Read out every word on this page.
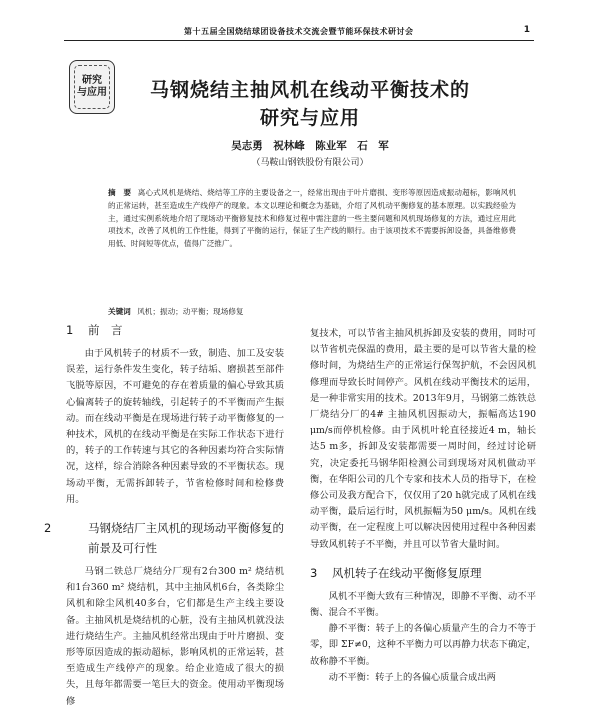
第十五届全国烧结球团设备技术交流会暨节能环保技术研讨会	1
研究
与应用	马钢烧结主抽风机在线动平衡技术的
研究与应用
吴志勇　祝林峰　陈业军　石　军
（马鞍山钢铁股份有限公司）
摘　要 离心式风机是烧结、烧结等工序的主要设备之一，经常出现由于叶片磨损、变形等原因造成振动超标，影响风机的正常运转，甚至造成生产线停产的现象。本文以理论和概念为基础，介绍了风机动平衡修复的基本原理。以实践经验为主，通过实例系统地介绍了现场动平衡修复技术和修复过程中需注意的一些主要问题和风机现场修复的方法，通过应用此项技术，改善了风机的工作性能，得到了平衡的运行，保证了生产线的顺行。由于该项技术不需要拆卸设备，具备维修费用低、时间短等优点，值得广泛推广。
关键词 风机；振动；动平衡；现场修复
1 前　言

由于风机转子的材质不一致，制造、加工及安装误差，运行条件发生变化，转子结垢、磨损甚至部件飞脱等原因，不可避免的存在着质量的偏心导致其质心偏离转子的旋转轴线，引起转子的不平衡而产生振动。而在线动平衡是在现场进行转子动平衡修复的一种技术，风机的在线动平衡是在实际工作状态下进行的，转子的工作转速与其它的各种因素均符合实际情况，这样，综合消除各种因素导致的不平衡状态。现场动平衡，无需拆卸转子，节省检修时间和检修费用。

2	马钢烧结厂主风机的现场动平衡修复的前景及可行性

马钢二铁总厂烧结分厂现有2台300 m² 烧结机和1台360 m² 烧结机，其中主抽风机6台，各类除尘风机和除尘风机40多台，它们都是生产主线主要设备。主抽风机是烧结机的心脏，没有主抽风机就没法进行烧结生产。主抽风机经常出现由于叶片磨损、变形等原因造成的振动超标，影响风机的正常运转，甚至造成生产线停产的现象。给企业造成了很大的损失，且每年都需要一笔巨大的资金。使用动平衡现场修

复技术，可以节省主抽风机拆卸及安装的费用，同时可以节省机壳保温的费用，最主要的是可以节省大量的检修时间，为烧结生产的正常运行保驾护航，不会因风机修理而导致长时间停产。风机在线动平衡技术的运用，是一种非常实用的技术。2013年9月，马钢第二炼铁总厂烧结分厂的4# 主抽风机因振动大，振幅高达190 μm/s而停机检修。由于风机叶轮直径接近4 m，轴长达5 m多，拆卸及安装都需要一周时间，经过讨论研究，决定委托马钢华阳检测公司到现场对风机做动平衡，在华阳公司的几个专家和技术人员的指导下，在检修公司及我方配合下，仅仅用了20 h就完成了风机在线动平衡，最后运行时，风机振幅为50 μm/s。风机在线动平衡，在一定程度上可以解决因使用过程中各种因素导致风机转子不平衡，并且可以节省大量时间。

3 风机转子在线动平衡修复原理

风机不平衡大致有三种情况，即静不平衡、动不平衡、混合不平衡。

静不平衡：转子上的各偏心质量产生的合力不等于零，即 ΣF≠0，这种不平衡力可以再静力状态下确定，故称静不平衡。

动不平衡：转子上的各偏心质量合成出两
